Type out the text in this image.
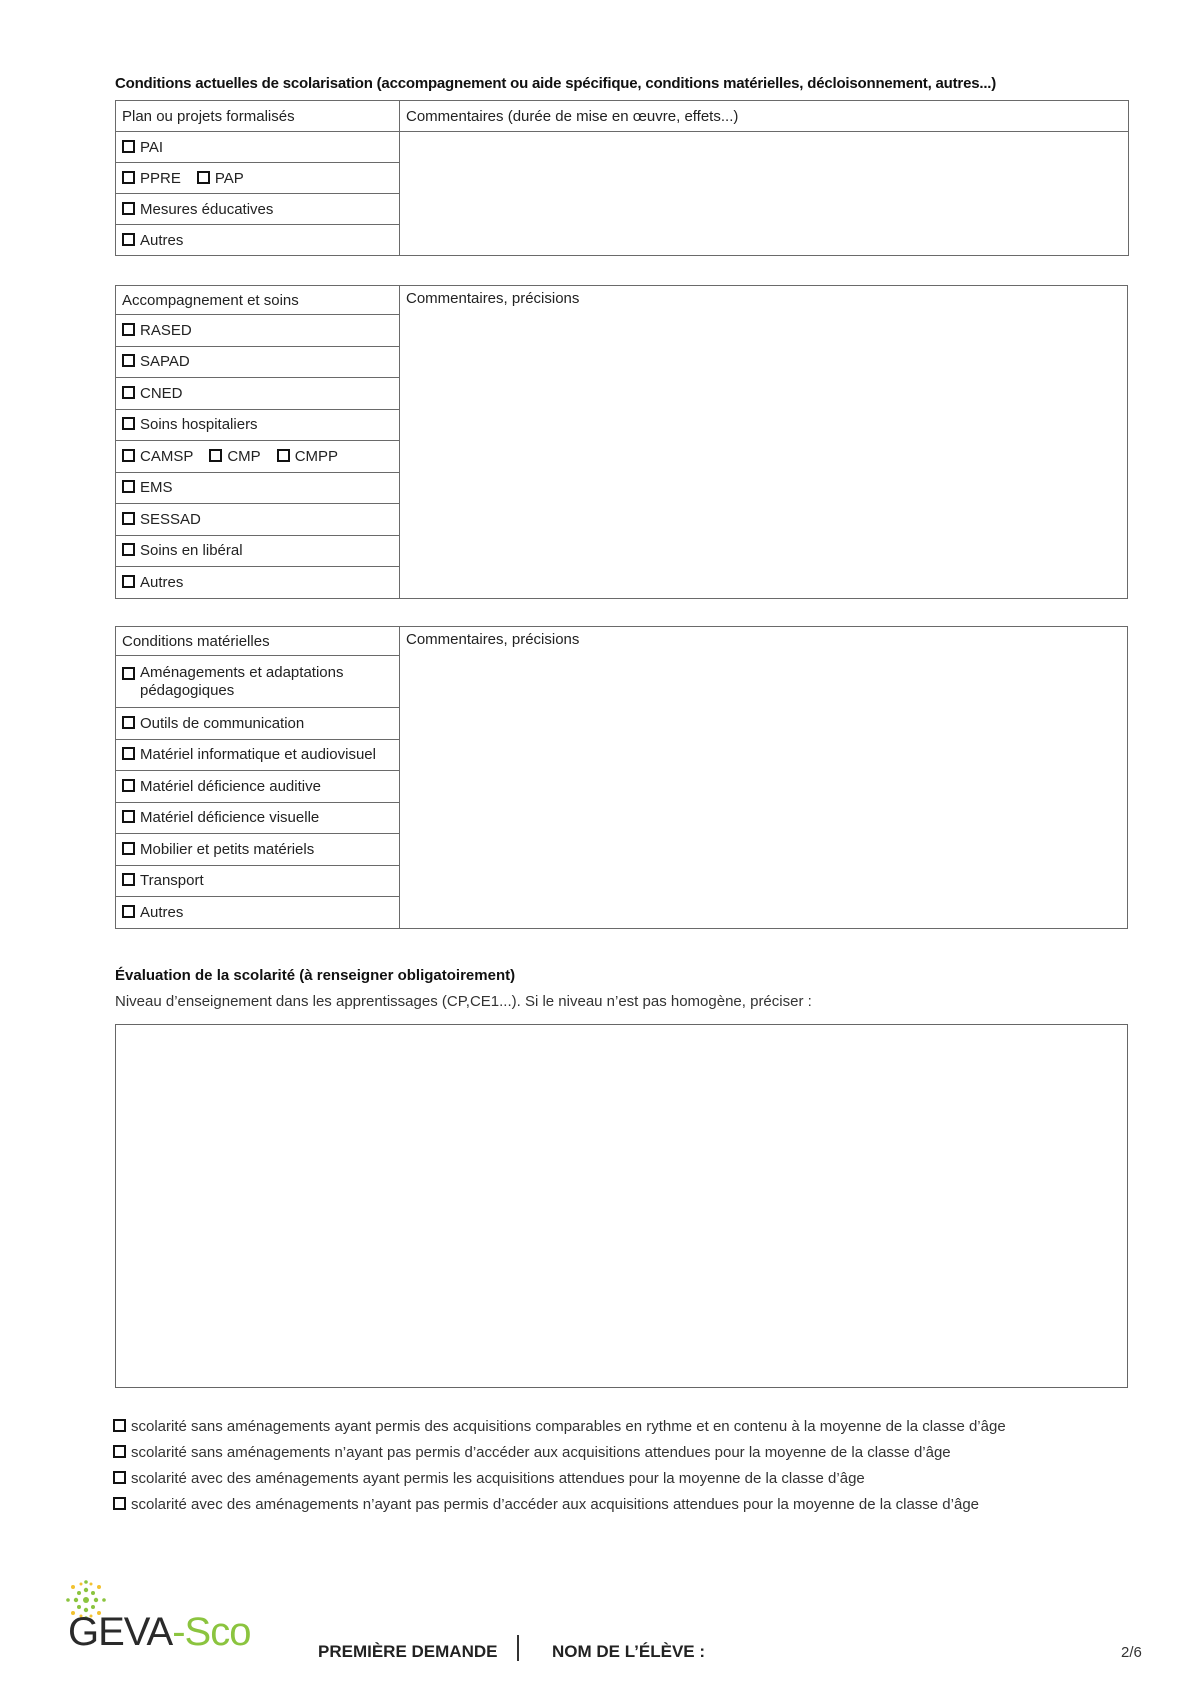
Conditions actuelles de scolarisation (accompagnement ou aide spécifique, conditions matérielles, décloisonnement, autres...)
Plan ou projets formalisés	Commentaires (durée de mise en œuvre, effets...)
PAI	
PPRE PAP	
Mesures éducatives	
Autres	
Accompagnement et soins	Commentaires, précisions
RASED
SAPAD
CNED
Soins hospitaliers
CAMSP CMP CMPP
EMS
SESSAD
Soins en libéral
Autres
Conditions matérielles	Commentaires, précisions

Aménagements et adaptations
pédagogiques

Outils de communication
Matériel informatique et audiovisuel
Matériel déficience auditive
Matériel déficience visuelle
Mobilier et petits matériels
Transport
Autres
Évaluation de la scolarité (à renseigner obligatoirement)
Niveau d’enseignement dans les apprentissages (CP,CE1...). Si le niveau n’est pas homogène, préciser :
scolarité sans aménagements ayant permis des acquisitions comparables en rythme et en contenu à la moyenne de la classe d’âge
scolarité sans aménagements n’ayant pas permis d’accéder aux acquisitions attendues pour la moyenne de la classe d’âge
scolarité avec des aménagements ayant permis les acquisitions attendues pour la moyenne de la classe d’âge
scolarité avec des aménagements n’ayant pas permis d’accéder aux acquisitions attendues pour la moyenne de la classe d’âge
GEVA-Sco	PREMIÈRE DEMANDE	NOM DE L’ÉLÈVE :	2/6
